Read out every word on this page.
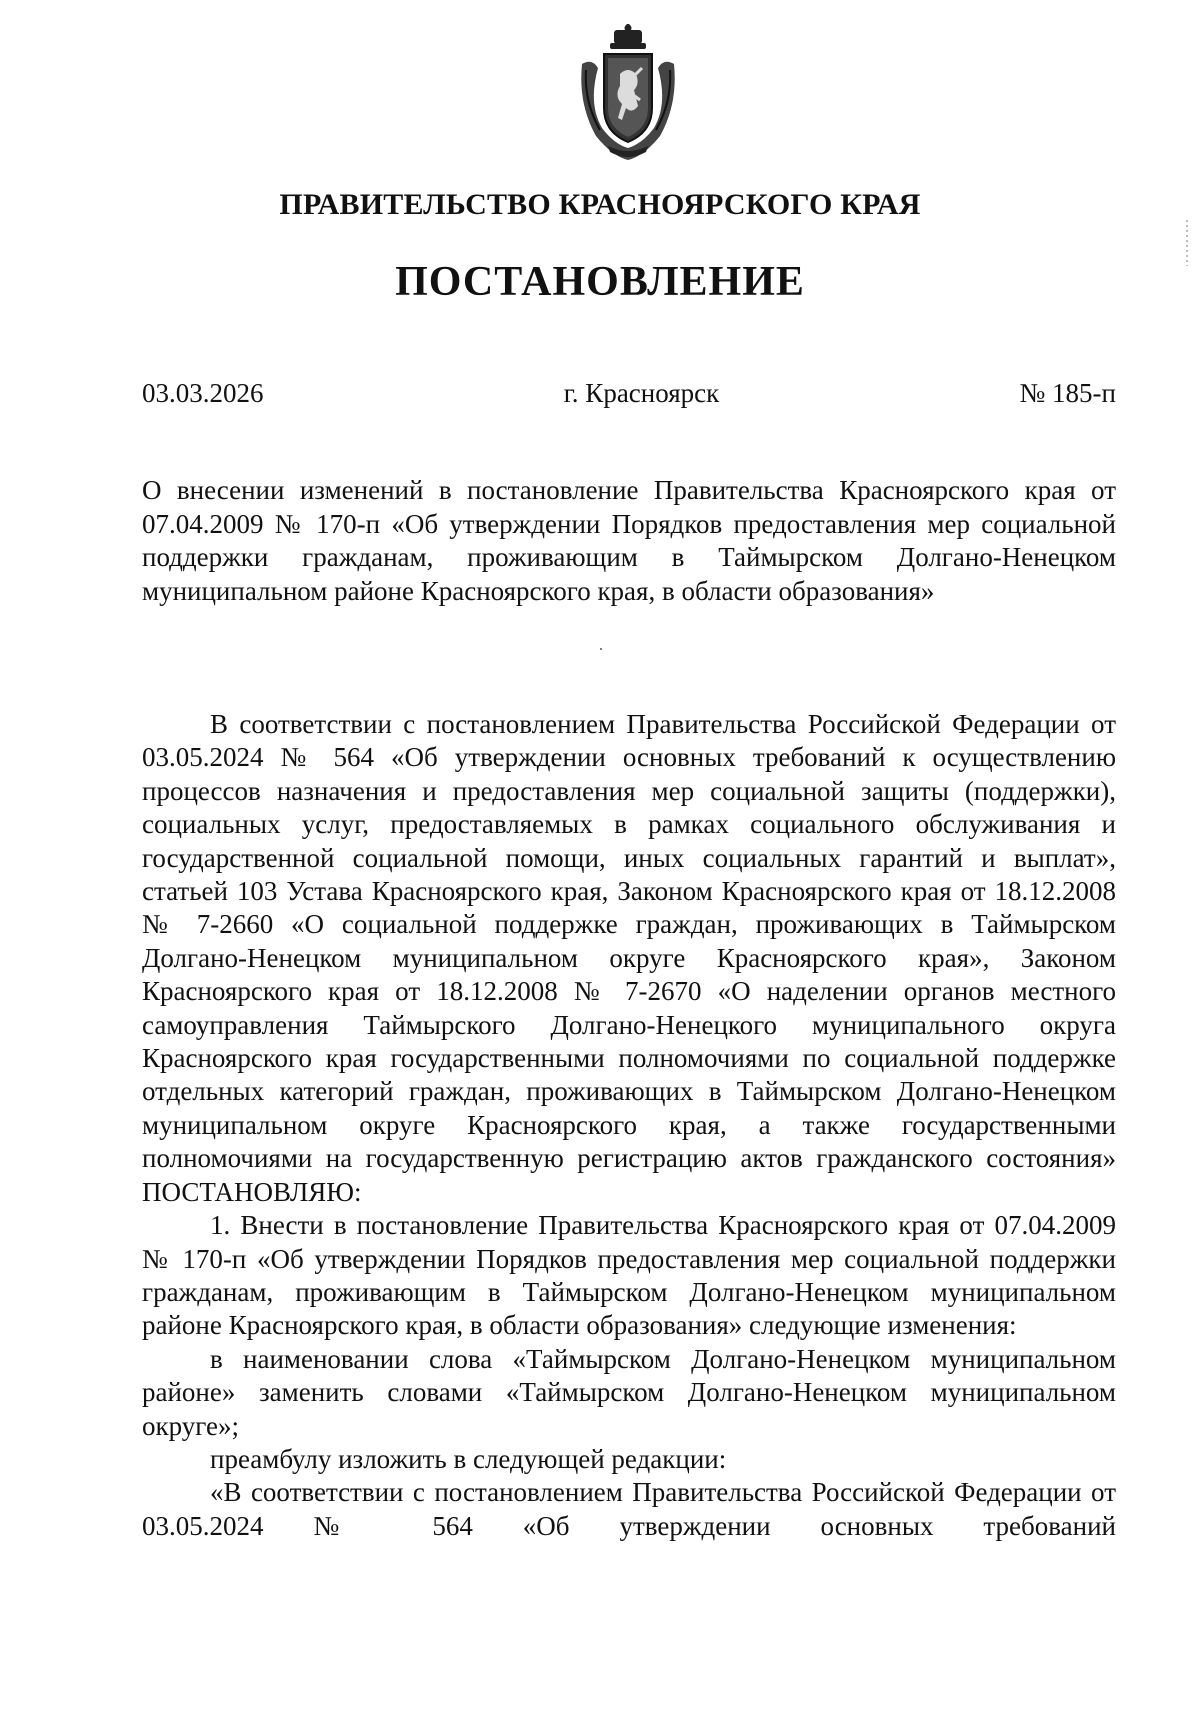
ПРАВИТЕЛЬСТВО КРАСНОЯРСКОГО КРАЯ
ПОСТАНОВЛЕНИЕ
03.03.2026	г. Красноярск	№ 185-п
О внесении изменений в постановление Правительства Красноярского края от 07.04.2009 № 170-п «Об утверждении Порядков предоставления мер социальной поддержки гражданам, проживающим в Таймырском Долгано-Ненецком муниципальном районе Красноярского края, в области образования»

В соответствии с постановлением Правительства Российской Федерации от 03.05.2024 № 564 «Об утверждении основных требований к осуществлению процессов назначения и предоставления мер социальной защиты (поддержки), социальных услуг, предоставляемых в рамках социального обслуживания и государственной социальной помощи, иных социальных гарантий и выплат», статьей 103 Устава Красноярского края, Законом Красноярского края от 18.12.2008 № 7-2660 «О социальной поддержке граждан, проживающих в Таймырском Долгано-Ненецком муниципальном округе Красноярского края», Законом Красноярского края от 18.12.2008 № 7-2670 «О наделении органов местного самоуправления Таймырского Долгано-Ненецкого муниципального округа Красноярского края государственными полномочиями по социальной поддержке отдельных категорий граждан, проживающих в Таймырском Долгано-Ненецком муниципальном округе Красноярского края, а также государственными полномочиями на государственную регистрацию актов гражданского состояния» ПОСТАНОВЛЯЮ:

1. Внести в постановление Правительства Красноярского края от 07.04.2009 № 170-п «Об утверждении Порядков предоставления мер социальной поддержки гражданам, проживающим в Таймырском Долгано-Ненецком муниципальном районе Красноярского края, в области образования» следующие изменения:

в наименовании слова «Таймырском Долгано-Ненецком муниципальном районе» заменить словами «Таймырском Долгано-Ненецком муниципальном округе»;

преамбулу изложить в следующей редакции:

«В соответствии с постановлением Правительства Российской Федерации от 03.05.2024 № 564 «Об утверждении основных требований
